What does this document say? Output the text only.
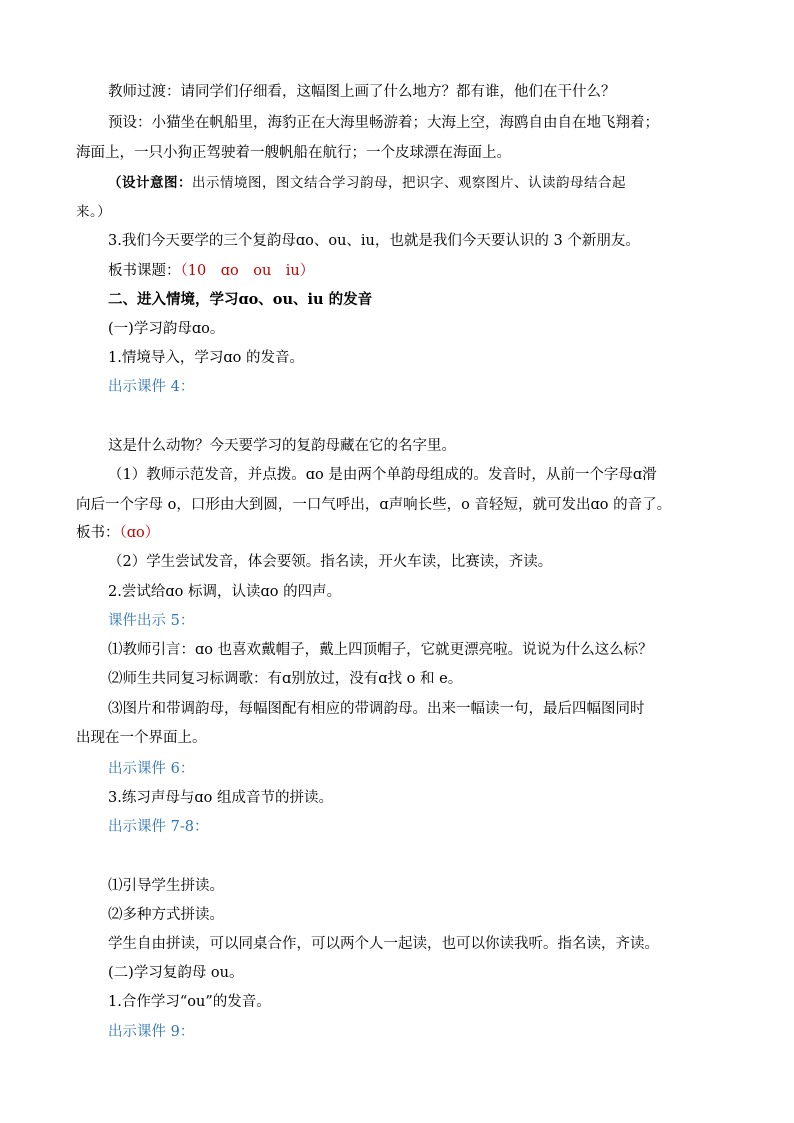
教师过渡：请同学们仔细看，这幅图上画了什么地方？都有谁，他们在干什么？
预设：小猫坐在帆船里，海豹正在大海里畅游着；大海上空，海鸥自由自在地飞翔着；
海面上，一只小狗正驾驶着一艘帆船在航行；一个皮球漂在海面上。
（设计意图：出示情境图，图文结合学习韵母，把识字、观察图片、认读韵母结合起
来。）
3.我们今天要学的三个复韵母ɑo、ou、iu，也就是我们今天要认识的 3 个新朋友。
板书课题：（10　ɑo　ou　iu）
二、进入情境，学习ɑo、ou、iu 的发音
(一)学习韵母ɑo。
1.情境导入，学习ɑo 的发音。
出示课件 4：
这是什么动物？今天要学习的复韵母藏在它的名字里。
（1）教师示范发音，并点拨。ɑo 是由两个单韵母组成的。发音时，从前一个字母ɑ滑
向后一个字母 o，口形由大到圆，一口气呼出，ɑ声响长些，o 音轻短，就可发出ɑo 的音了。
板书：（ɑo）
（2）学生尝试发音，体会要领。指名读，开火车读，比赛读，齐读。
2.尝试给ɑo 标调，认读ɑo 的四声。
课件出示 5：
⑴教师引言：ɑo 也喜欢戴帽子，戴上四顶帽子，它就更漂亮啦。说说为什么这么标？
⑵师生共同复习标调歌：有ɑ别放过，没有ɑ找 o 和 e。
⑶图片和带调韵母，每幅图配有相应的带调韵母。出来一幅读一句，最后四幅图同时
出现在一个界面上。
出示课件 6：
3.练习声母与ɑo 组成音节的拼读。
出示课件 7-8：
⑴引导学生拼读。
⑵多种方式拼读。
学生自由拼读，可以同桌合作，可以两个人一起读，也可以你读我听。指名读，齐读。
(二)学习复韵母 ou。
1.合作学习“ou”的发音。
出示课件 9：
